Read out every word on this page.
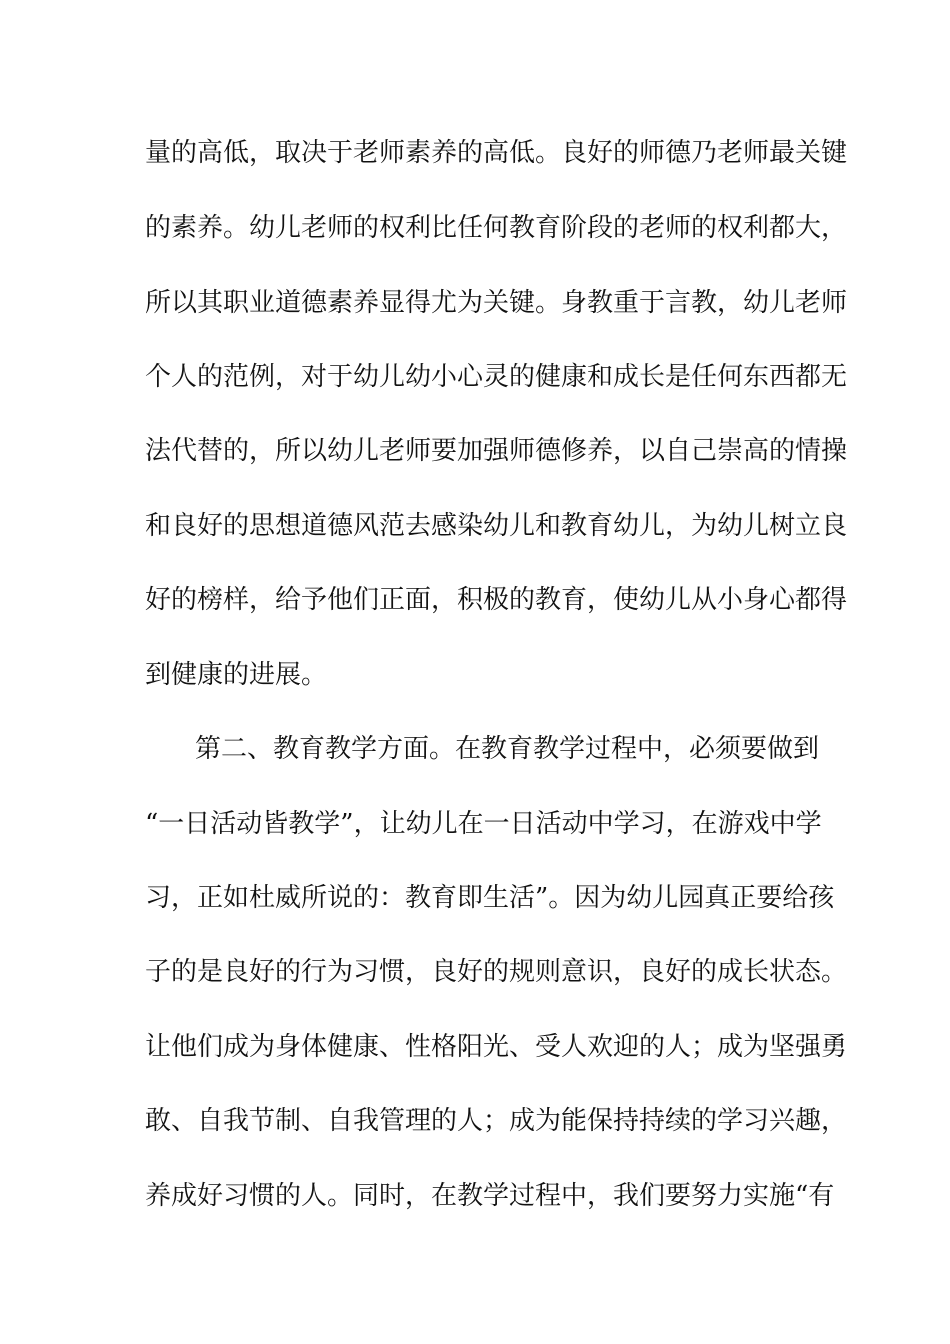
量的高低，取决于老师素养的高低。良好的师德乃老师最关键
的素养。幼儿老师的权利比任何教育阶段的老师的权利都大，
所以其职业道德素养显得尤为关键。身教重于言教，幼儿老师
个人的范例，对于幼儿幼小心灵的健康和成长是任何东西都无
法代替的，所以幼儿老师要加强师德修养，以自己崇高的情操
和良好的思想道德风范去感染幼儿和教育幼儿，为幼儿树立良
好的榜样，给予他们正面，积极的教育，使幼儿从小身心都得
到健康的进展。
第二、教育教学方面。在教育教学过程中，必须要做到
“一日活动皆教学”，让幼儿在一日活动中学习，在游戏中学
习，正如杜威所说的：教育即生活”。因为幼儿园真正要给孩
子的是良好的行为习惯，良好的规则意识，良好的成长状态。
让他们成为身体健康、性格阳光、受人欢迎的人；成为坚强勇
敢、自我节制、自我管理的人；成为能保持持续的学习兴趣，
养成好习惯的人。同时，在教学过程中，我们要努力实施“有
